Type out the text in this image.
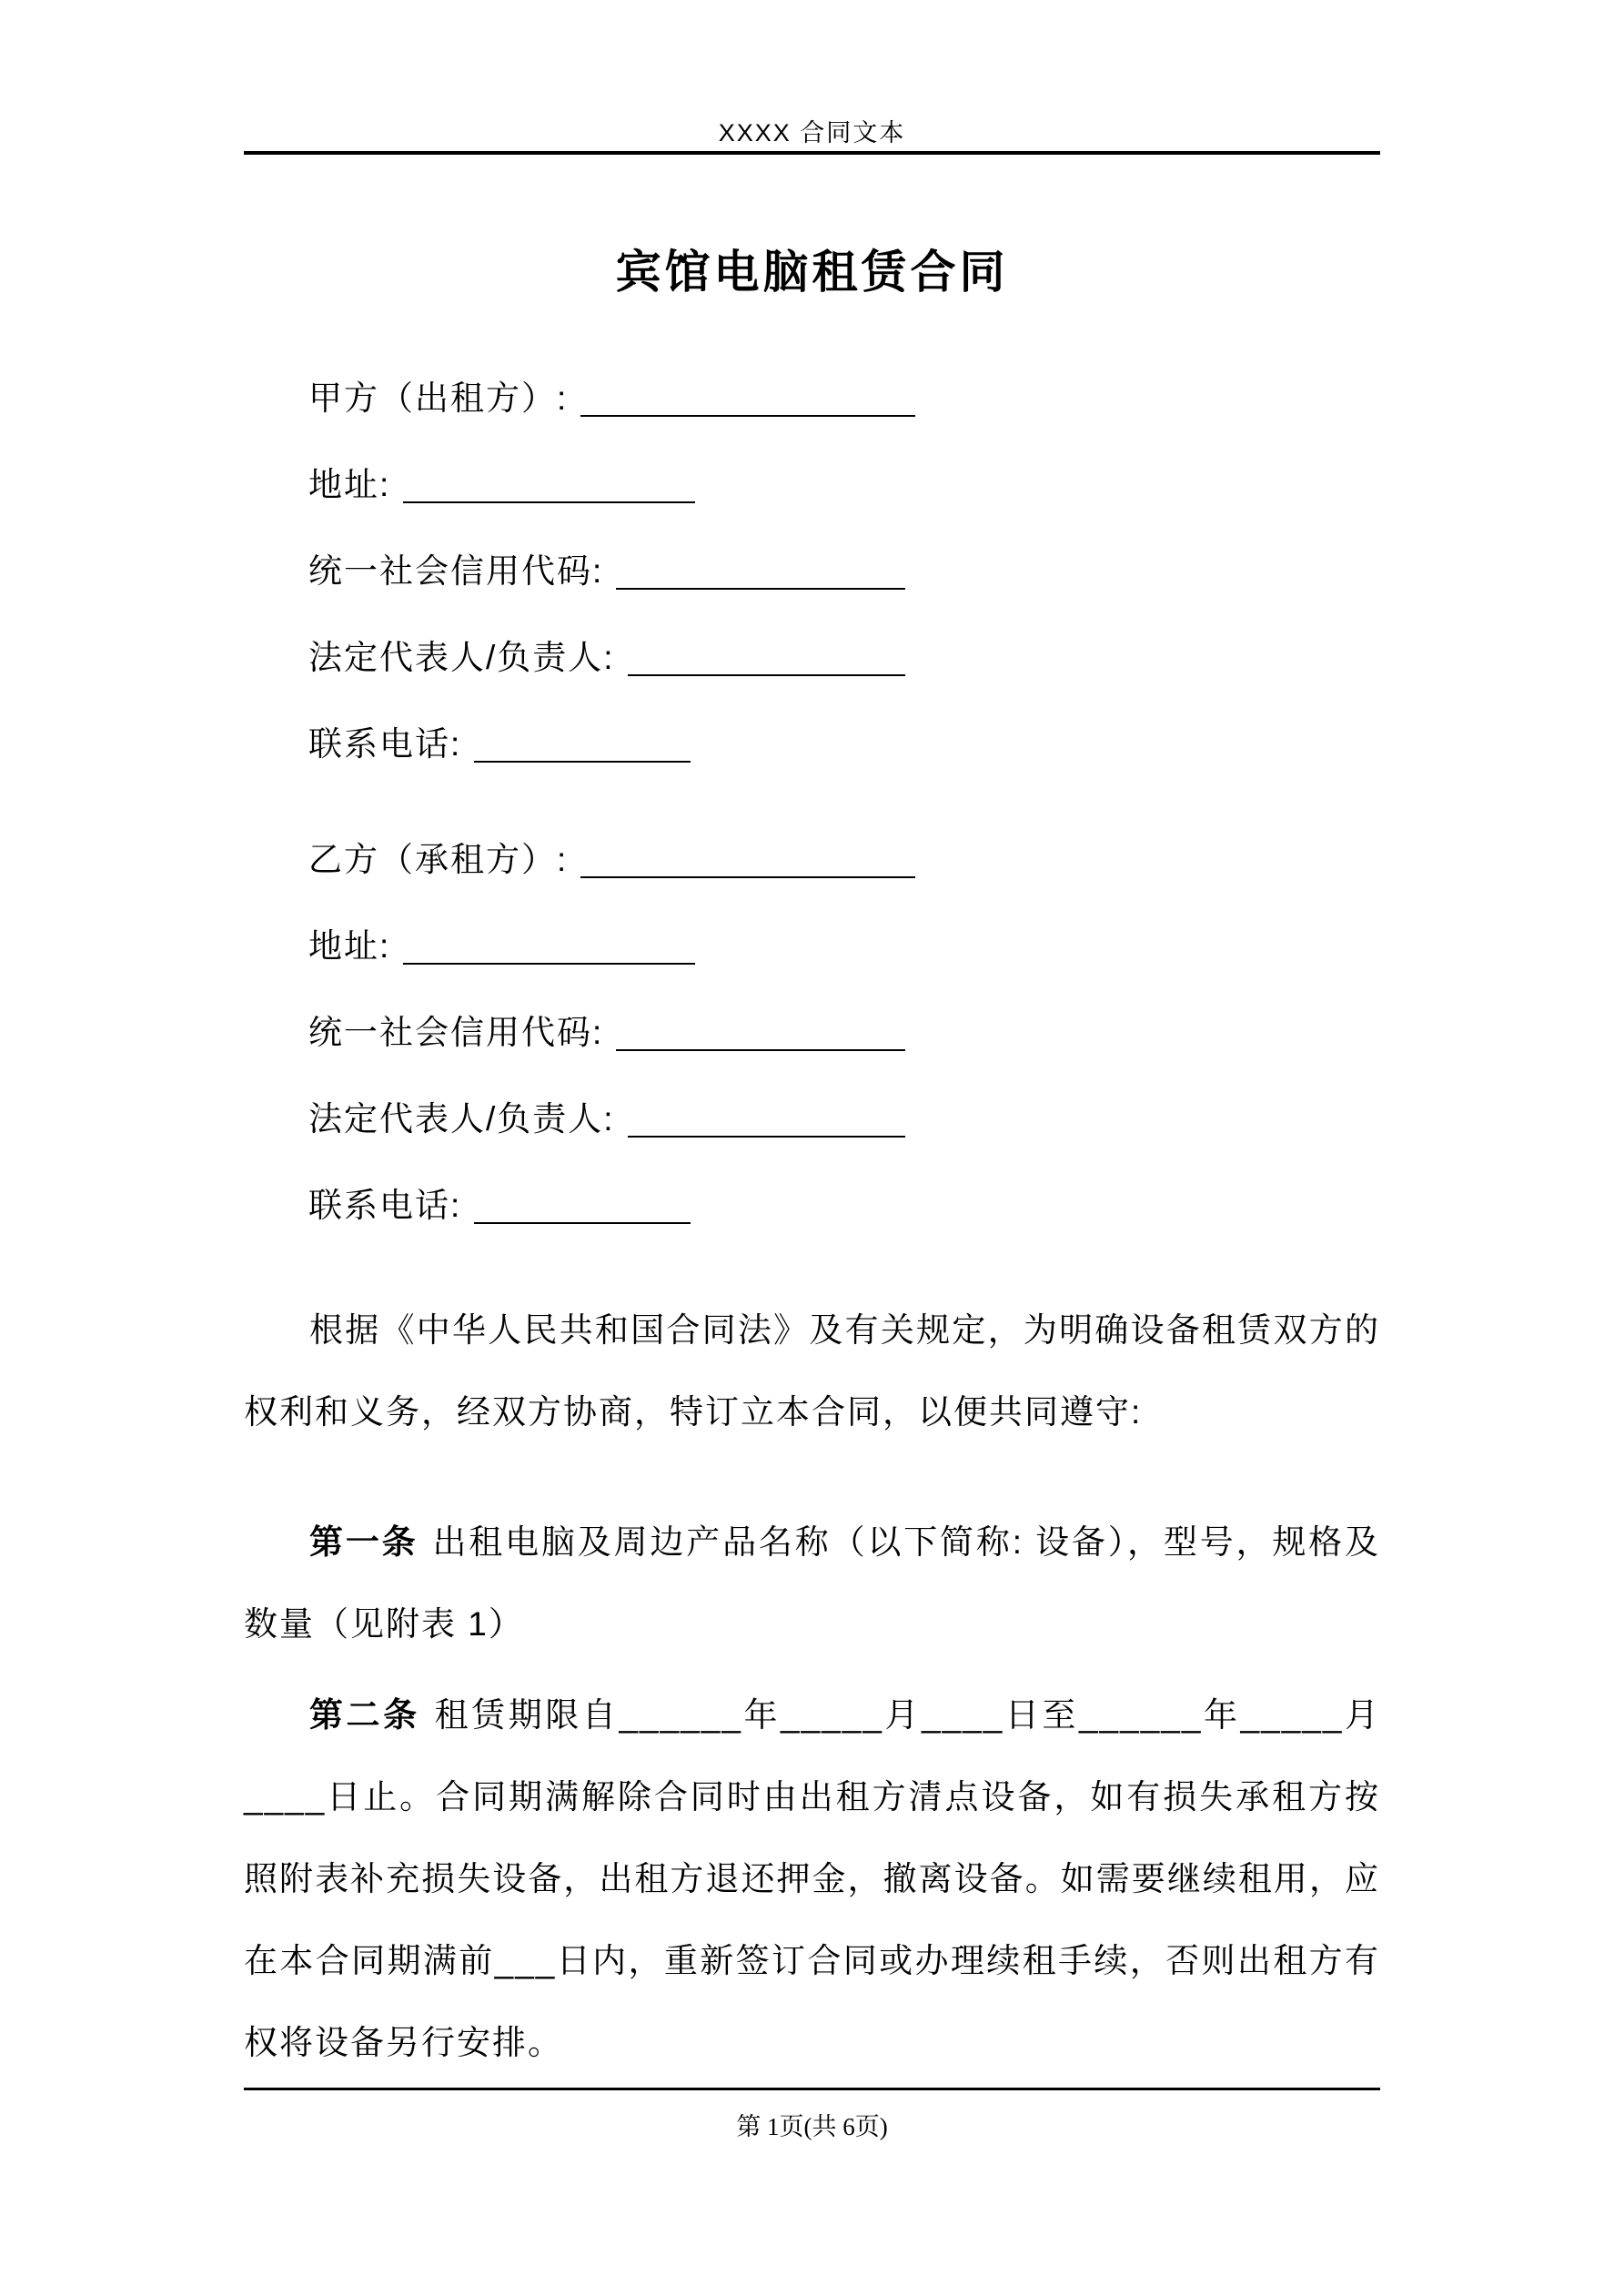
XXXX 合同文本
宾馆电脑租赁合同
甲方（出租方）:
地址:
统一社会信用代码:
法定代表人/负责人:
联系电话:
乙方（承租方）:
地址:
统一社会信用代码:
法定代表人/负责人:
联系电话:

根据《中华人民共和国合同法》及有关规定，为明确设备租赁双方的权利和义务，经双方协商，特订立本合同，以便共同遵守:

第一条 出租电脑及周边产品名称（以下简称: 设备），型号，规格及数量（见附表 1）

第二条 租赁期限自______年_____月____日至______年_____月____日止。合同期满解除合同时由出租方清点设备，如有损失承租方按照附表补充损失设备，出租方退还押金，撤离设备。如需要继续租用，应在本合同期满前___日内，重新签订合同或办理续租手续，否则出租方有权将设备另行安排。

第 1页(共 6页)
